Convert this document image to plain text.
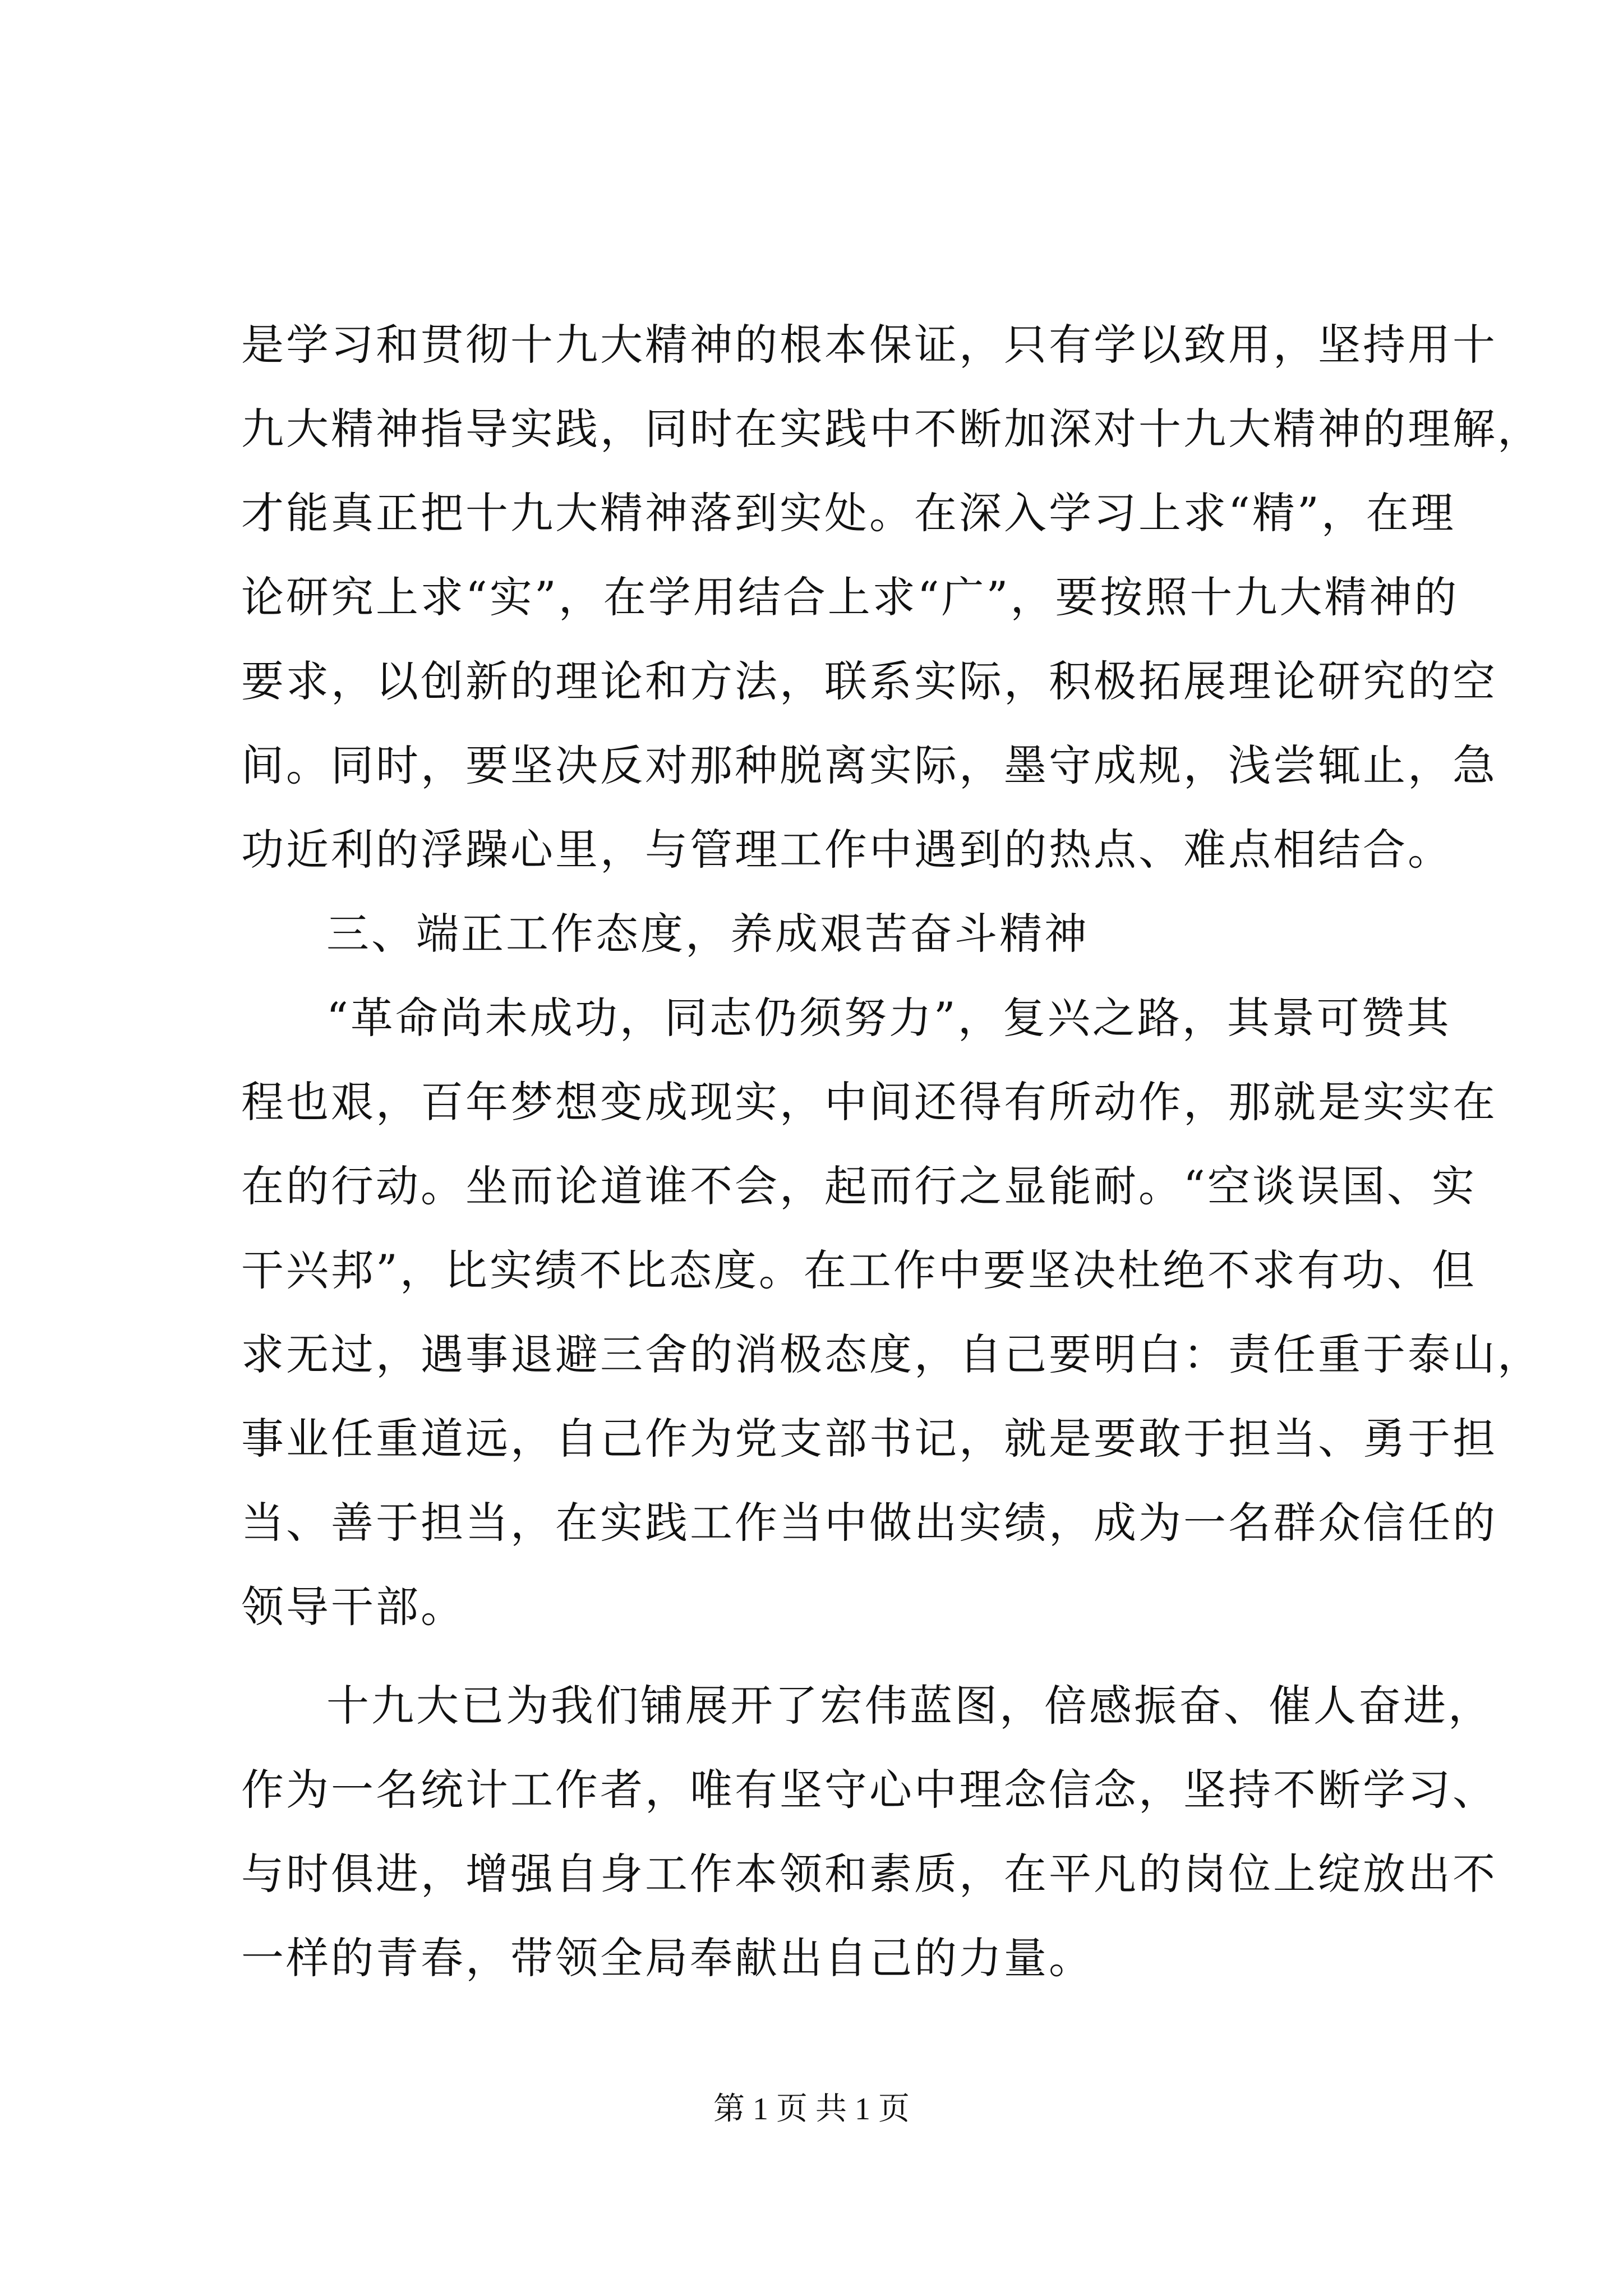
是学习和贯彻十九大精神的根本保证，只有学以致用，坚持用十
九大精神指导实践，同时在实践中不断加深对十九大精神的理解，
才能真正把十九大精神落到实处。在深入学习上求“精”，在理
论研究上求“实”，在学用结合上求“广”，要按照十九大精神的
要求，以创新的理论和方法，联系实际，积极拓展理论研究的空
间。同时，要坚决反对那种脱离实际，墨守成规，浅尝辄止，急
功近利的浮躁心里，与管理工作中遇到的热点、难点相结合。
三、端正工作态度，养成艰苦奋斗精神
“革命尚未成功，同志仍须努力”，复兴之路，其景可赞其
程也艰，百年梦想变成现实，中间还得有所动作，那就是实实在
在的行动。坐而论道谁不会，起而行之显能耐。“空谈误国、实
干兴邦”，比实绩不比态度。在工作中要坚决杜绝不求有功、但
求无过，遇事退避三舍的消极态度，自己要明白：责任重于泰山，
事业任重道远，自己作为党支部书记，就是要敢于担当、勇于担
当、善于担当，在实践工作当中做出实绩，成为一名群众信任的
领导干部。
十九大已为我们铺展开了宏伟蓝图，倍感振奋、催人奋进，
作为一名统计工作者，唯有坚守心中理念信念，坚持不断学习、
与时俱进，增强自身工作本领和素质，在平凡的岗位上绽放出不
一样的青春，带领全局奉献出自己的力量。
第 1 页 共 1 页
